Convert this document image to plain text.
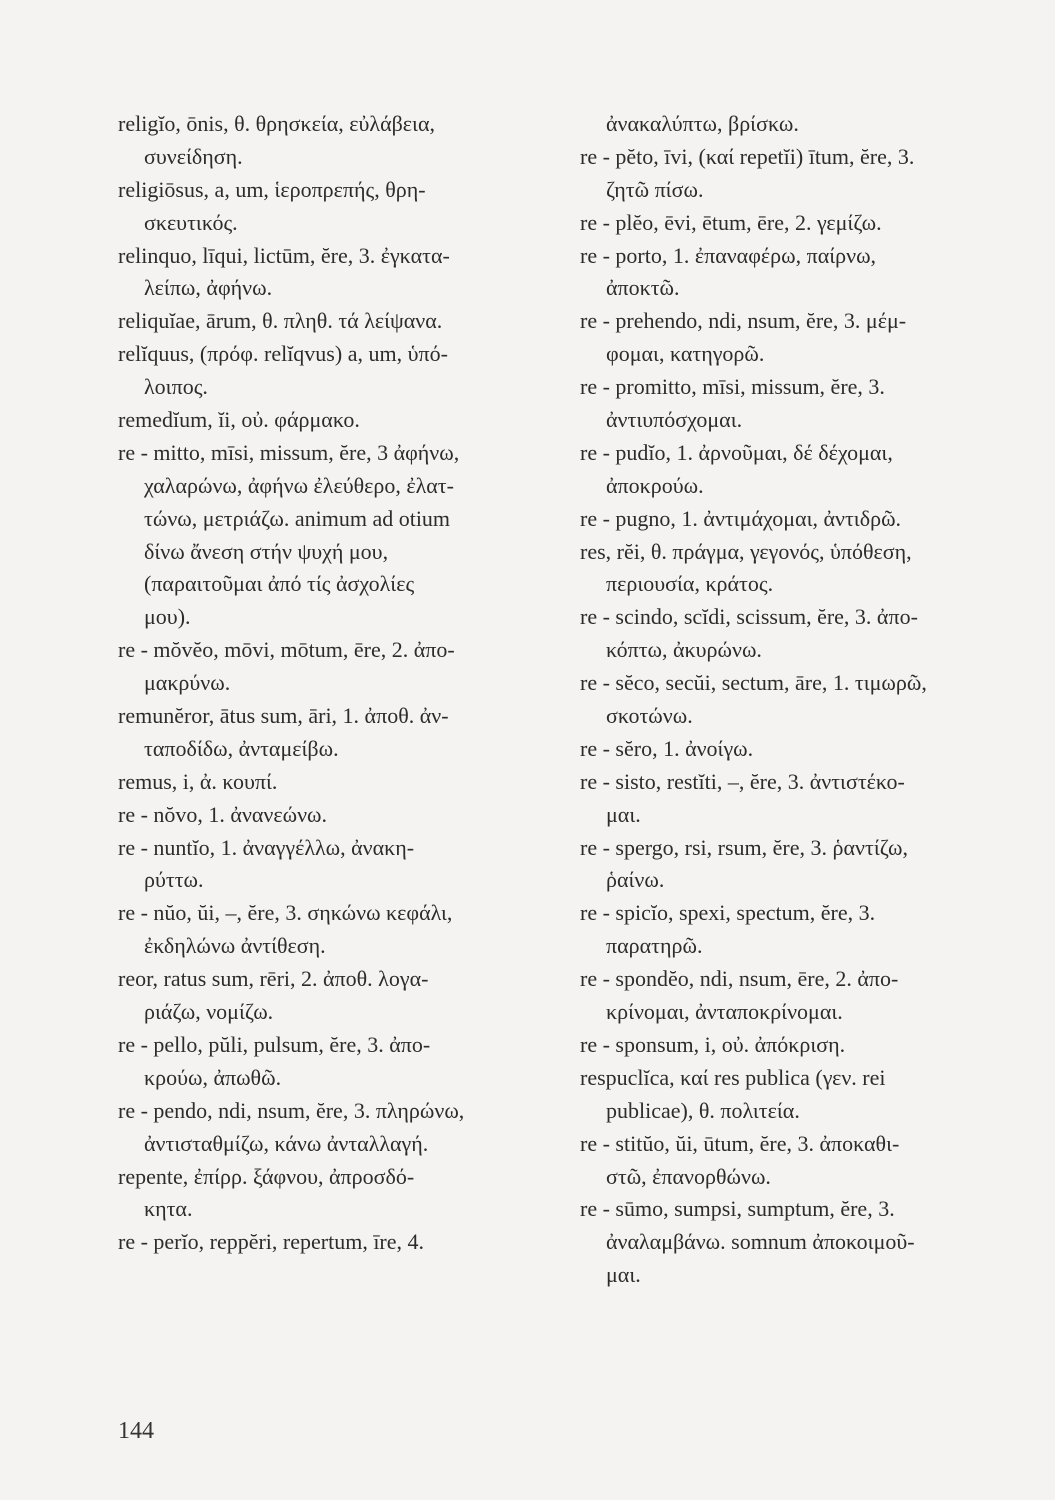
religĭo, ōnis, θ. θρησκεία, εὐλάβεια,
συνείδηση.
religiōsus, a, um, ἱεροπρεπής, θρη-
σκευτικός.
relinquo, līqui, lictūm, ĕre, 3. ἐγκατα-
λείπω, ἀφήνω.
reliquĭae, ārum, θ. πληθ. τά λείψανα.
relĭquus, (πρόφ. relĭqvus) a, um, ὑπό-
λοιπος.
remedĭum, ĭi, οὐ. φάρμακο.
re - mitto, mīsi, missum, ĕre, 3 ἀφήνω,
χαλαρώνω, ἀφήνω ἐλεύθερο, ἐλατ-
τώνω, μετριάζω. animum ad otium
δίνω ἄνεση στήν ψυχή μου,
(παραιτοῦμαι ἀπό τίς ἀσχολίες
μου).
re - mŏvĕo, mōvi, mōtum, ēre, 2. ἀπο-
μακρύνω.
remunĕror, ātus sum, āri, 1. ἀποθ. ἀν-
ταποδίδω, ἀνταμείβω.
remus, i, ἀ. κουπί.
re - nŏvo, 1. ἀνανεώνω.
re - nuntĭo, 1. ἀναγγέλλω, ἀνακη-
ρύττω.
re - nŭo, ŭi, –, ĕre, 3. σηκώνω κεφάλι,
ἐκδηλώνω ἀντίθεση.
reor, ratus sum, rēri, 2. ἀποθ. λογα-
ριάζω, νομίζω.
re - pello, pŭli, pulsum, ĕre, 3. ἀπο-
κρούω, ἀπωθῶ.
re - pendo, ndi, nsum, ĕre, 3. πληρώνω,
ἀντισταθμίζω, κάνω ἀνταλλαγή.
repente, ἐπίρρ. ξάφνου, ἀπροσδό-
κητα.
re - perĭo, reppĕri, repertum, īre, 4.
ἀνακαλύπτω, βρίσκω.
re - pĕto, īvi, (καί repetĭi) ītum, ĕre, 3.
ζητῶ πίσω.
re - plĕo, ēvi, ētum, ēre, 2. γεμίζω.
re - porto, 1. ἐπαναφέρω, παίρνω,
ἀποκτῶ.
re - prehendo, ndi, nsum, ĕre, 3. μέμ-
φομαι, κατηγορῶ.
re - promitto, mīsi, missum, ĕre, 3.
ἀντιυπόσχομαι.
re - pudĭo, 1. ἀρνοῦμαι, δέ δέχομαι,
ἀποκρούω.
re - pugno, 1. ἀντιμάχομαι, ἀντιδρῶ.
res, rĕi, θ. πράγμα, γεγονός, ὑπόθεση,
περιουσία, κράτος.
re - scindo, scĭdi, scissum, ĕre, 3. ἀπο-
κόπτω, ἀκυρώνω.
re - sĕco, secŭi, sectum, āre, 1. τιμωρῶ,
σκοτώνω.
re - sĕro, 1. ἀνοίγω.
re - sisto, restĭti, –, ĕre, 3. ἀντιστέκο-
μαι.
re - spergo, rsi, rsum, ĕre, 3. ῥαντίζω,
ῥαίνω.
re - spicĭo, spexi, spectum, ĕre, 3.
παρατηρῶ.
re - spondĕo, ndi, nsum, ēre, 2. ἀπο-
κρίνομαι, ἀνταποκρίνομαι.
re - sponsum, i, οὐ. ἀπόκριση.
respuclĭca, καί res publica (γεν. rei
publicae), θ. πολιτεία.
re - stitŭo, ŭi, ūtum, ĕre, 3. ἀποκαθι-
στῶ, ἐπανορθώνω.
re - sūmo, sumpsi, sumptum, ĕre, 3.
ἀναλαμβάνω. somnum ἀποκοιμοῦ-
μαι.
144
